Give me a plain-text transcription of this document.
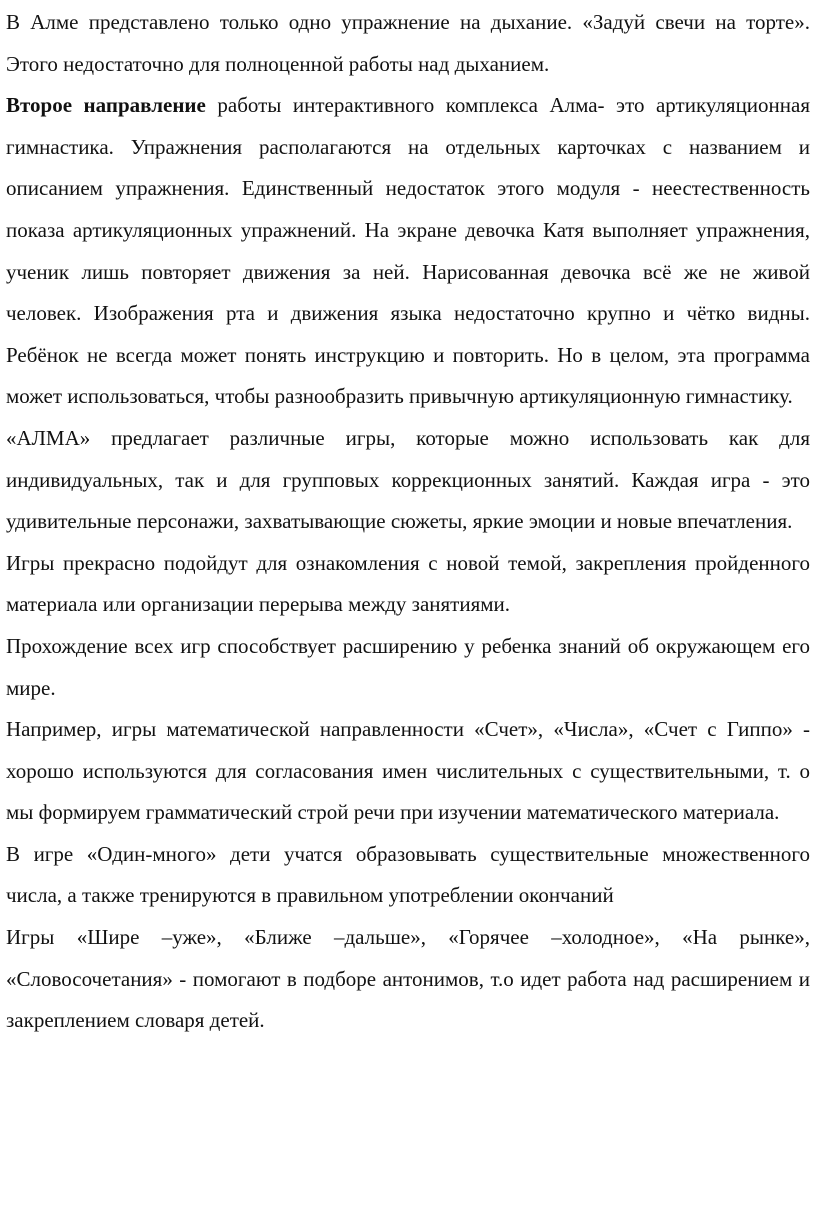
В Алме представлено только одно упражнение на дыхание. «Задуй свечи на торте». Этого недостаточно для полноценной работы над дыханием.

Второе направление работы интерактивного комплекса Алма- это артикуляционная гимнастика. Упражнения располагаются на отдельных карточках с названием и описанием упражнения. Единственный недостаток этого модуля - неестественность показа артикуляционных упражнений. На экране девочка Катя выполняет упражнения, ученик лишь повторяет движения за ней. Нарисованная девочка всё же не живой человек. Изображения рта и движения языка недостаточно крупно и чётко видны. Ребёнок не всегда может понять инструкцию и повторить. Но в целом, эта программа может использоваться, чтобы разнообразить привычную артикуляционную гимнастику.

«АЛМА» предлагает различные игры, которые можно использовать как для индивидуальных, так и для групповых коррекционных занятий. Каждая игра - это удивительные персонажи, захватывающие сюжеты, яркие эмоции и новые впечатления.

Игры прекрасно подойдут для ознакомления с новой темой, закрепления пройденного материала или организации перерыва между занятиями.

Прохождение всех игр способствует расширению у ребенка знаний об окружающем его мире.

Например, игры математической направленности «Счет», «Числа», «Счет с Гиппо» - хорошо используются для согласования имен числительных с существительными, т. о мы формируем грамматический строй речи при изучении математического материала.

В игре «Один-много» дети учатся образовывать существительные множественного числа, а также тренируются в правильном употреблении окончаний

Игры «Шире –уже», «Ближе –дальше», «Горячее –холодное», «На рынке», «Словосочетания» - помогают в подборе антонимов, т.о идет работа над расширением и закреплением словаря детей.
